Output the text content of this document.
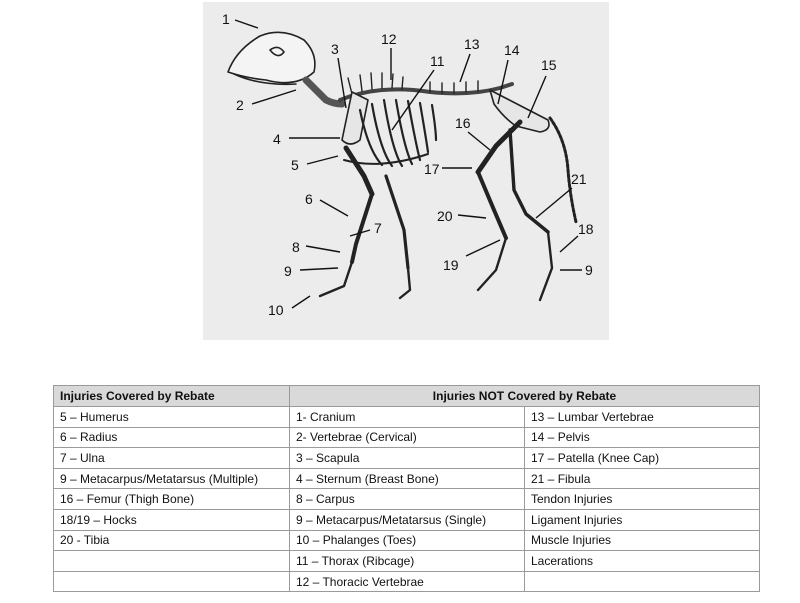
1
2
3
4
5
6
7
8
9
10
11
12	13 14
15
16
17
18
19
20
21
9
Injuries Covered by Rebate	Injuries NOT Covered by Rebate	
5 – Humerus	1- Cranium	13 – Lumbar Vertebrae
6 – Radius	2- Vertebrae (Cervical)	14 – Pelvis
7 – Ulna	3 – Scapula	17 – Patella (Knee Cap)
9 – Metacarpus/Metatarsus (Multiple)	4 – Sternum (Breast Bone)	21 – Fibula
16 – Femur (Thigh Bone)	8 – Carpus	Tendon Injuries
18/19 – Hocks	9 – Metacarpus/Metatarsus (Single)	Ligament Injuries
20 - Tibia	10 – Phalanges (Toes)	Muscle Injuries
	11 – Thorax (Ribcage)	Lacerations
	12 – Thoracic Vertebrae	
